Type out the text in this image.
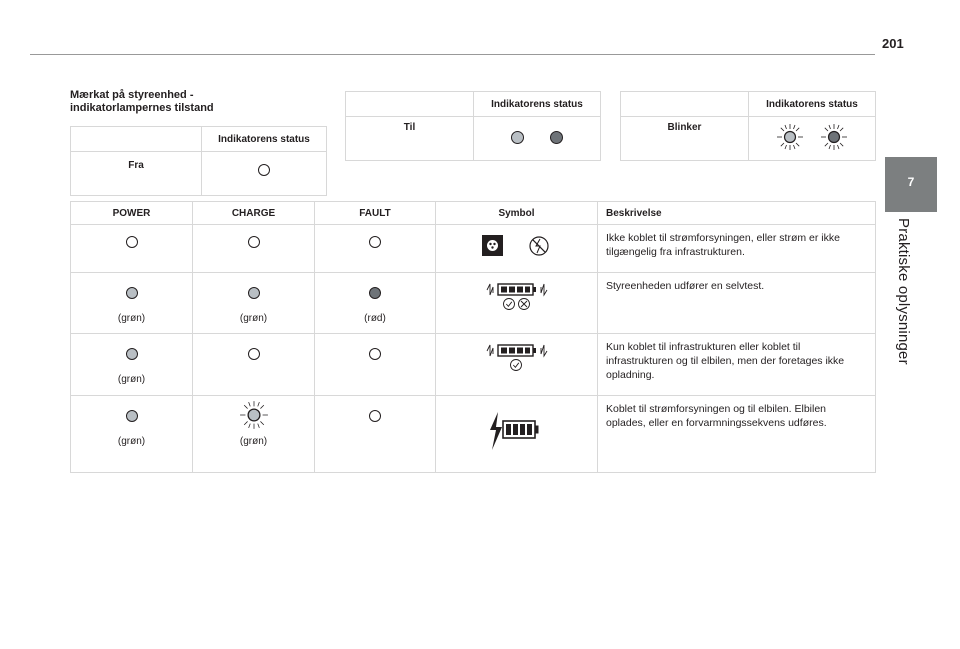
201
7
Praktiske oplysninger
Mærkat på styreenhed - indikatorlampernes tilstand
	Indikatorens status
Fra	
	Indikatorens status
Til	
	Indikatorens status
Blinker	
POWER	CHARGE	FAULT	Symbol	Beskrivelse
				Ikke koblet til strømforsyningen, eller strøm er ikke tilgængelig fra infrastrukturen.

(grøn)	(grøn)	(rød)		Styreenheden udfører en selvtest.

(grøn)				Kun koblet til infrastrukturen eller koblet til infrastrukturen og til elbilen, men der foretages ikke opladning.

(grøn)	(grøn)			Koblet til strømforsyningen og til elbilen. Elbilen oplades, eller en forvarmningssekvens udføres.
